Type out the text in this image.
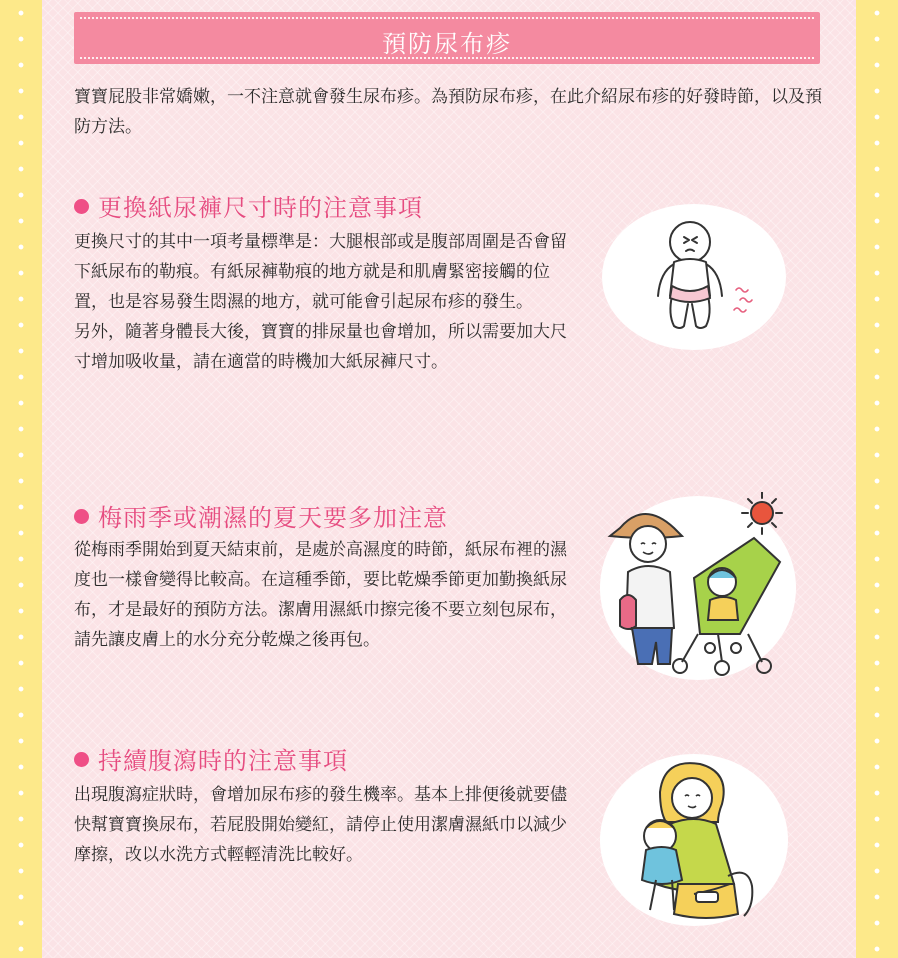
預防尿布疹
寶寶屁股非常嬌嫩，一不注意就會發生尿布疹。為預防尿布疹，在此介紹尿布疹的好發時節，以及預防方法。
更換紙尿褲尺寸時的注意事項

更換尺寸的其中一項考量標準是：大腿根部或是腹部周圍是否會留下紙尿布的勒痕。有紙尿褲勒痕的地方就是和肌膚緊密接觸的位置，也是容易發生悶濕的地方，就可能會引起尿布疹的發生。

另外，隨著身體長大後，寶寶的排尿量也會增加，所以需要加大尺寸增加吸收量，請在適當的時機加大紙尿褲尺寸。

梅雨季或潮濕的夏天要多加注意

從梅雨季開始到夏天結束前，是處於高濕度的時節，紙尿布裡的濕度也一樣會變得比較高。在這種季節，要比乾燥季節更加勤換紙尿布，才是最好的預防方法。潔膚用濕紙巾擦完後不要立刻包尿布，請先讓皮膚上的水分充分乾燥之後再包。

持續腹瀉時的注意事項

出現腹瀉症狀時，會增加尿布疹的發生機率。基本上排便後就要儘快幫寶寶換尿布，若屁股開始變紅，請停止使用潔膚濕紙巾以減少摩擦，改以水洗方式輕輕清洗比較好。
